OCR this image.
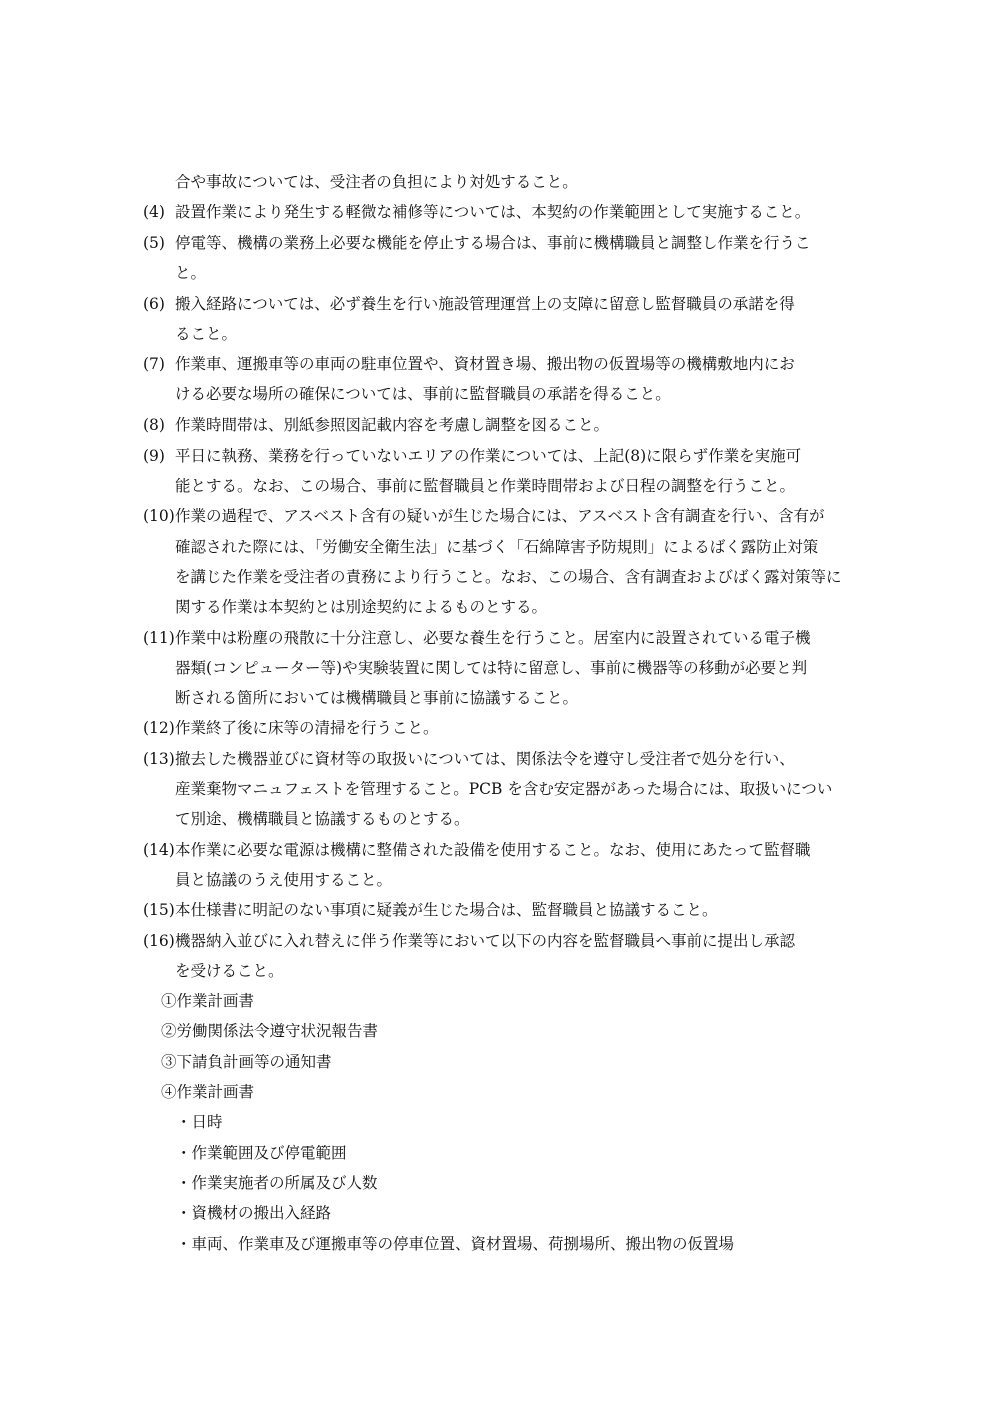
合や事故については、受注者の負担により対処すること。
(4) 設置作業により発生する軽微な補修等については、本契約の作業範囲として実施すること。
(5) 停電等、機構の業務上必要な機能を停止する場合は、事前に機構職員と調整し作業を行うこ
と。
(6) 搬入経路については、必ず養生を行い施設管理運営上の支障に留意し監督職員の承諾を得
ること。
(7) 作業車、運搬車等の車両の駐車位置や、資材置き場、搬出物の仮置場等の機構敷地内にお
ける必要な場所の確保については、事前に監督職員の承諾を得ること。
(8) 作業時間帯は、別紙参照図記載内容を考慮し調整を図ること。
(9) 平日に執務、業務を行っていないエリアの作業については、上記(8)に限らず作業を実施可
能とする。なお、この場合、事前に監督職員と作業時間帯および日程の調整を行うこと。
(10) 作業の過程で、アスベスト含有の疑いが生じた場合には、アスベスト含有調査を行い、含有が
確認された際には、「労働安全衛生法」に基づく「石綿障害予防規則」によるばく露防止対策
を講じた作業を受注者の責務により行うこと。なお、この場合、含有調査およびばく露対策等に
関する作業は本契約とは別途契約によるものとする。
(11) 作業中は粉塵の飛散に十分注意し、必要な養生を行うこと。居室内に設置されている電子機
器類(コンピューター等)や実験装置に関しては特に留意し、事前に機器等の移動が必要と判
断される箇所においては機構職員と事前に協議すること。
(12) 作業終了後に床等の清掃を行うこと。
(13) 撤去した機器並びに資材等の取扱いについては、関係法令を遵守し受注者で処分を行い、
産業棄物マニュフェストを管理すること。PCB を含む安定器があった場合には、取扱いについ
て別途、機構職員と協議するものとする。
(14) 本作業に必要な電源は機構に整備された設備を使用すること。なお、使用にあたって監督職
員と協議のうえ使用すること。
(15) 本仕様書に明記のない事項に疑義が生じた場合は、監督職員と協議すること。
(16) 機器納入並びに入れ替えに伴う作業等において以下の内容を監督職員へ事前に提出し承認
を受けること。
①作業計画書
②労働関係法令遵守状況報告書
③下請負計画等の通知書
④作業計画書
・日時
・作業範囲及び停電範囲
・作業実施者の所属及び人数
・資機材の搬出入経路
・車両、作業車及び運搬車等の停車位置、資材置場、荷捌場所、搬出物の仮置場
